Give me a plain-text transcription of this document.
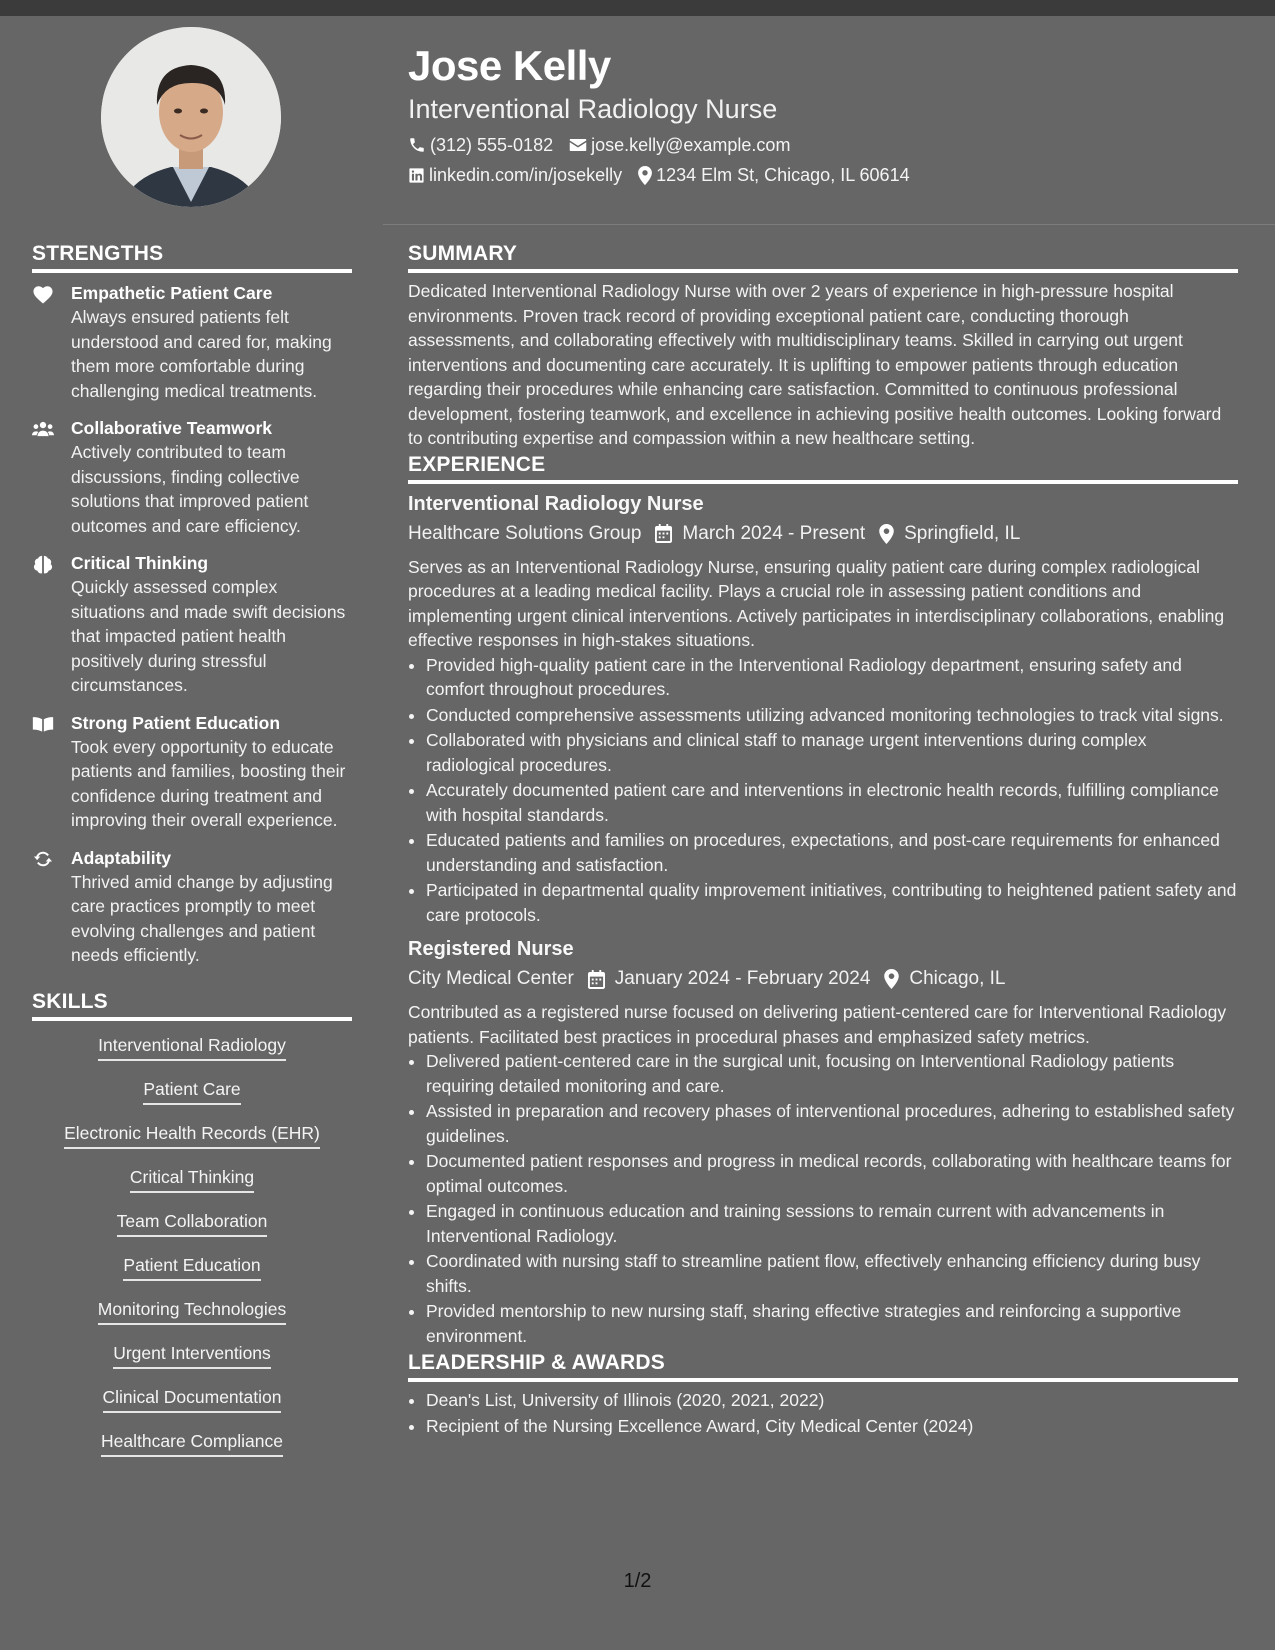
Jose Kelly
Interventional Radiology Nurse
(312) 555-0182 jose.kelly@example.com
linkedin.com/in/josekelly 1234 Elm St, Chicago, IL 60614
STRENGTHS
Empathetic Patient Care
Always ensured patients felt understood and cared for, making them more comfortable during challenging medical treatments.
Collaborative Teamwork
Actively contributed to team discussions, finding collective solutions that improved patient outcomes and care efficiency.
Critical Thinking
Quickly assessed complex situations and made swift decisions that impacted patient health positively during stressful circumstances.
Strong Patient Education
Took every opportunity to educate patients and families, boosting their confidence during treatment and improving their overall experience.
Adaptability
Thrived amid change by adjusting care practices promptly to meet evolving challenges and patient needs efficiently.
SKILLS
Interventional Radiology
Patient Care
Electronic Health Records (EHR)
Critical Thinking
Team Collaboration
Patient Education
Monitoring Technologies
Urgent Interventions
Clinical Documentation
Healthcare Compliance
SUMMARY

Dedicated Interventional Radiology Nurse with over 2 years of experience in high-pressure hospital environments. Proven track record of providing exceptional patient care, conducting thorough assessments, and collaborating effectively with multidisciplinary teams. Skilled in carrying out urgent interventions and documenting care accurately. It is uplifting to empower patients through education regarding their procedures while enhancing care satisfaction. Committed to continuous professional development, fostering teamwork, and excellence in achieving positive health outcomes. Looking forward to contributing expertise and compassion within a new healthcare setting.

EXPERIENCE
Interventional Radiology Nurse
Healthcare Solutions Group March 2024 - Present Springfield, IL

Serves as an Interventional Radiology Nurse, ensuring quality patient care during complex radiological procedures at a leading medical facility. Plays a crucial role in assessing patient conditions and implementing urgent clinical interventions. Actively participates in interdisciplinary collaborations, enabling effective responses in high-stakes situations.

• Provided high-quality patient care in the Interventional Radiology department, ensuring safety and comfort throughout procedures.
• Conducted comprehensive assessments utilizing advanced monitoring technologies to track vital signs.
• Collaborated with physicians and clinical staff to manage urgent interventions during complex radiological procedures.
• Accurately documented patient care and interventions in electronic health records, fulfilling compliance with hospital standards.
• Educated patients and families on procedures, expectations, and post-care requirements for enhanced understanding and satisfaction.
• Participated in departmental quality improvement initiatives, contributing to heightened patient safety and care protocols.
Registered Nurse
City Medical Center January 2024 - February 2024 Chicago, IL

Contributed as a registered nurse focused on delivering patient-centered care for Interventional Radiology patients. Facilitated best practices in procedural phases and emphasized safety metrics.

• Delivered patient-centered care in the surgical unit, focusing on Interventional Radiology patients requiring detailed monitoring and care.
• Assisted in preparation and recovery phases of interventional procedures, adhering to established safety guidelines.
• Documented patient responses and progress in medical records, collaborating with healthcare teams for optimal outcomes.
• Engaged in continuous education and training sessions to remain current with advancements in Interventional Radiology.
• Coordinated with nursing staff to streamline patient flow, effectively enhancing efficiency during busy shifts.
• Provided mentorship to new nursing staff, sharing effective strategies and reinforcing a supportive environment.
LEADERSHIP & AWARDS
• Dean's List, University of Illinois (2020, 2021, 2022)
• Recipient of the Nursing Excellence Award, City Medical Center (2024)
1/2
